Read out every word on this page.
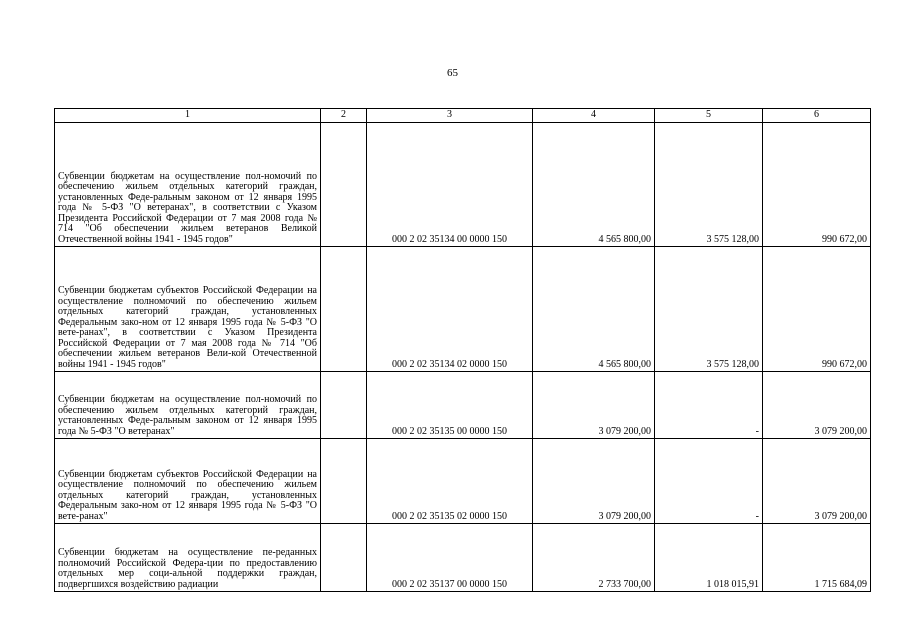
65
1	2	3	4	5	6
Субвенции бюджетам на осуществление пол-номочий по обеспечению жильем отдельных категорий граждан, установленных Феде-ральным законом от 12 января 1995 года № 5-ФЗ "О ветеранах", в соответствии с Указом Президента Российской Федерации от 7 мая 2008 года № 714 "Об обеспечении жильем ветеранов Великой Отечественной войны 1941 - 1945 годов"		000 2 02 35134 00 0000 150	4 565 800,00	3 575 128,00	990 672,00
Субвенции бюджетам субъектов Российской Федерации на осуществление полномочий по обеспечению жильем отдельных категорий граждан, установленных Федеральным зако-ном от 12 января 1995 года № 5-ФЗ "О вете-ранах", в соответствии с Указом Президента Российской Федерации от 7 мая 2008 года № 714 "Об обеспечении жильем ветеранов Вели-кой Отечественной войны 1941 - 1945 годов"		000 2 02 35134 02 0000 150	4 565 800,00	3 575 128,00	990 672,00
Субвенции бюджетам на осуществление пол-номочий по обеспечению жильем отдельных категорий граждан, установленных Феде-ральным законом от 12 января 1995 года № 5-ФЗ "О ветеранах"		000 2 02 35135 00 0000 150	3 079 200,00	-	3 079 200,00
Субвенции бюджетам субъектов Российской Федерации на осуществление полномочий по обеспечению жильем отдельных категорий граждан, установленных Федеральным зако-ном от 12 января 1995 года № 5-ФЗ "О вете-ранах"		000 2 02 35135 02 0000 150	3 079 200,00	-	3 079 200,00
Субвенции бюджетам на осуществление пе-реданных полномочий Российской Федера-ции по предоставлению отдельных мер соци-альной поддержки граждан, подвергшихся воздействию радиации		000 2 02 35137 00 0000 150	2 733 700,00	1 018 015,91	1 715 684,09
